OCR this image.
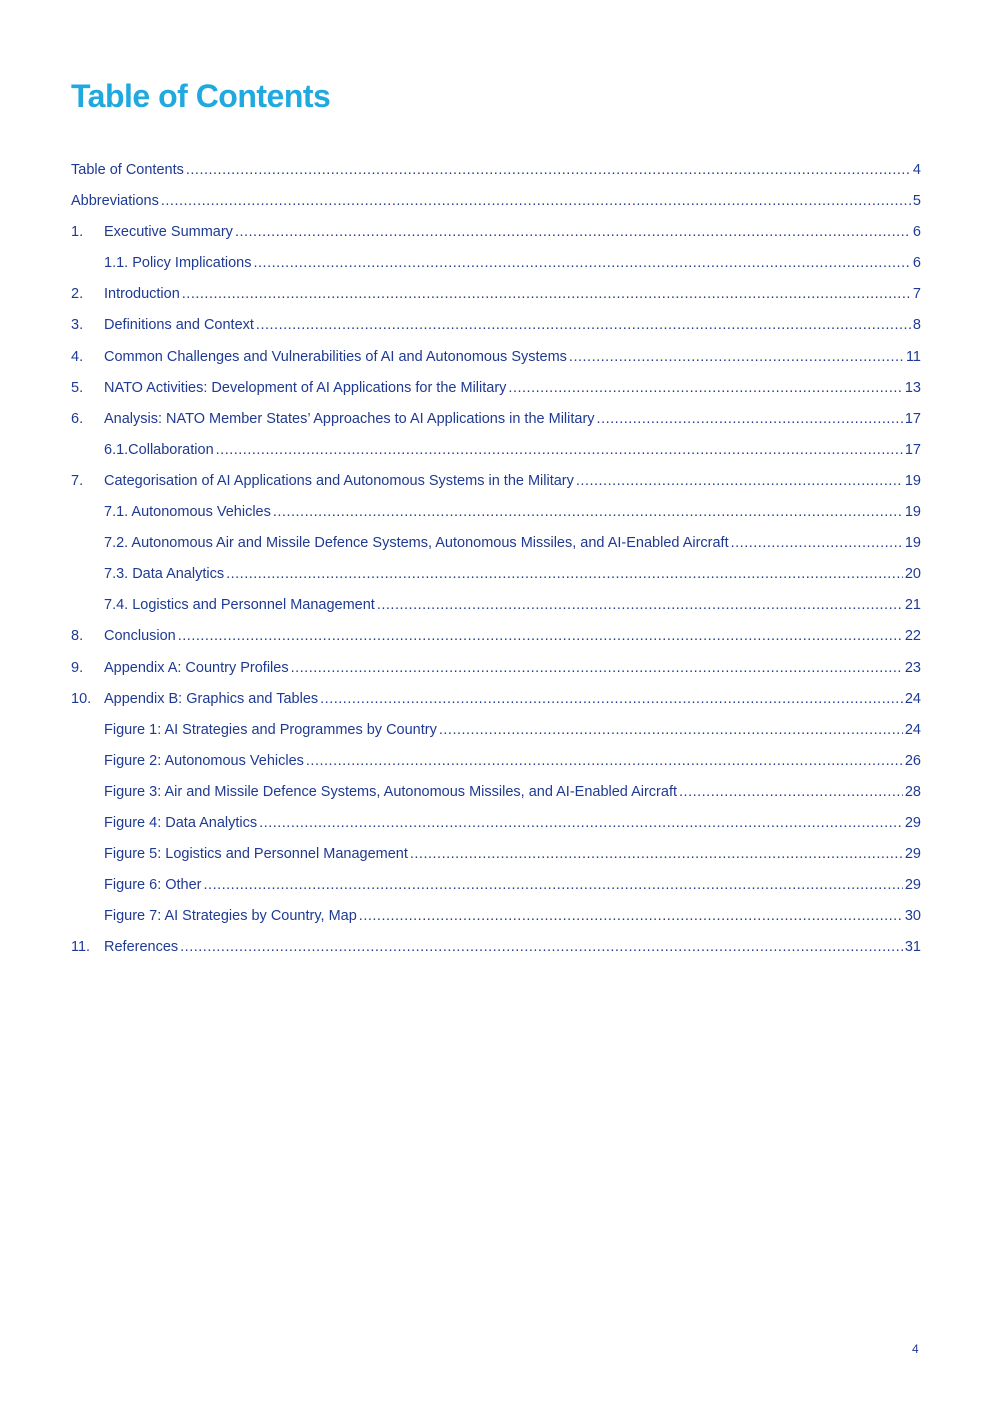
Table of Contents
Table of Contents .....	4
Abbreviations .....	5
1.	Executive Summary .....	6
1.1. Policy Implications .....	6
2.	Introduction .....	7
3.	Definitions and Context .....	8
4.	Common Challenges and Vulnerabilities of AI and Autonomous Systems .....	11
5.	NATO Activities: Development of AI Applications for the Military .....	13
6.	Analysis: NATO Member States’ Approaches to AI Applications in the Military .....	17
6.1.Collaboration .....	17
7.	Categorisation of AI Applications and Autonomous Systems in the Military .....	19
7.1. Autonomous Vehicles .....	19
7.2. Autonomous Air and Missile Defence Systems, Autonomous Missiles, and AI-Enabled Aircraft .....	19
7.3. Data Analytics .....	20
7.4. Logistics and Personnel Management .....	21
8.	Conclusion .....	22
9.	Appendix A: Country Profiles .....	23
10. Appendix B: Graphics and Tables .....	24
Figure 1: AI Strategies and Programmes by Country .....	24
Figure 2: Autonomous Vehicles .....	26
Figure 3: Air and Missile Defence Systems, Autonomous Missiles, and AI-Enabled Aircraft .....	28
Figure 4: Data Analytics .....	29
Figure 5: Logistics and Personnel Management .....	29
Figure 6: Other .....	29
Figure 7: AI Strategies by Country, Map .....	30
11. References .....	31
4
